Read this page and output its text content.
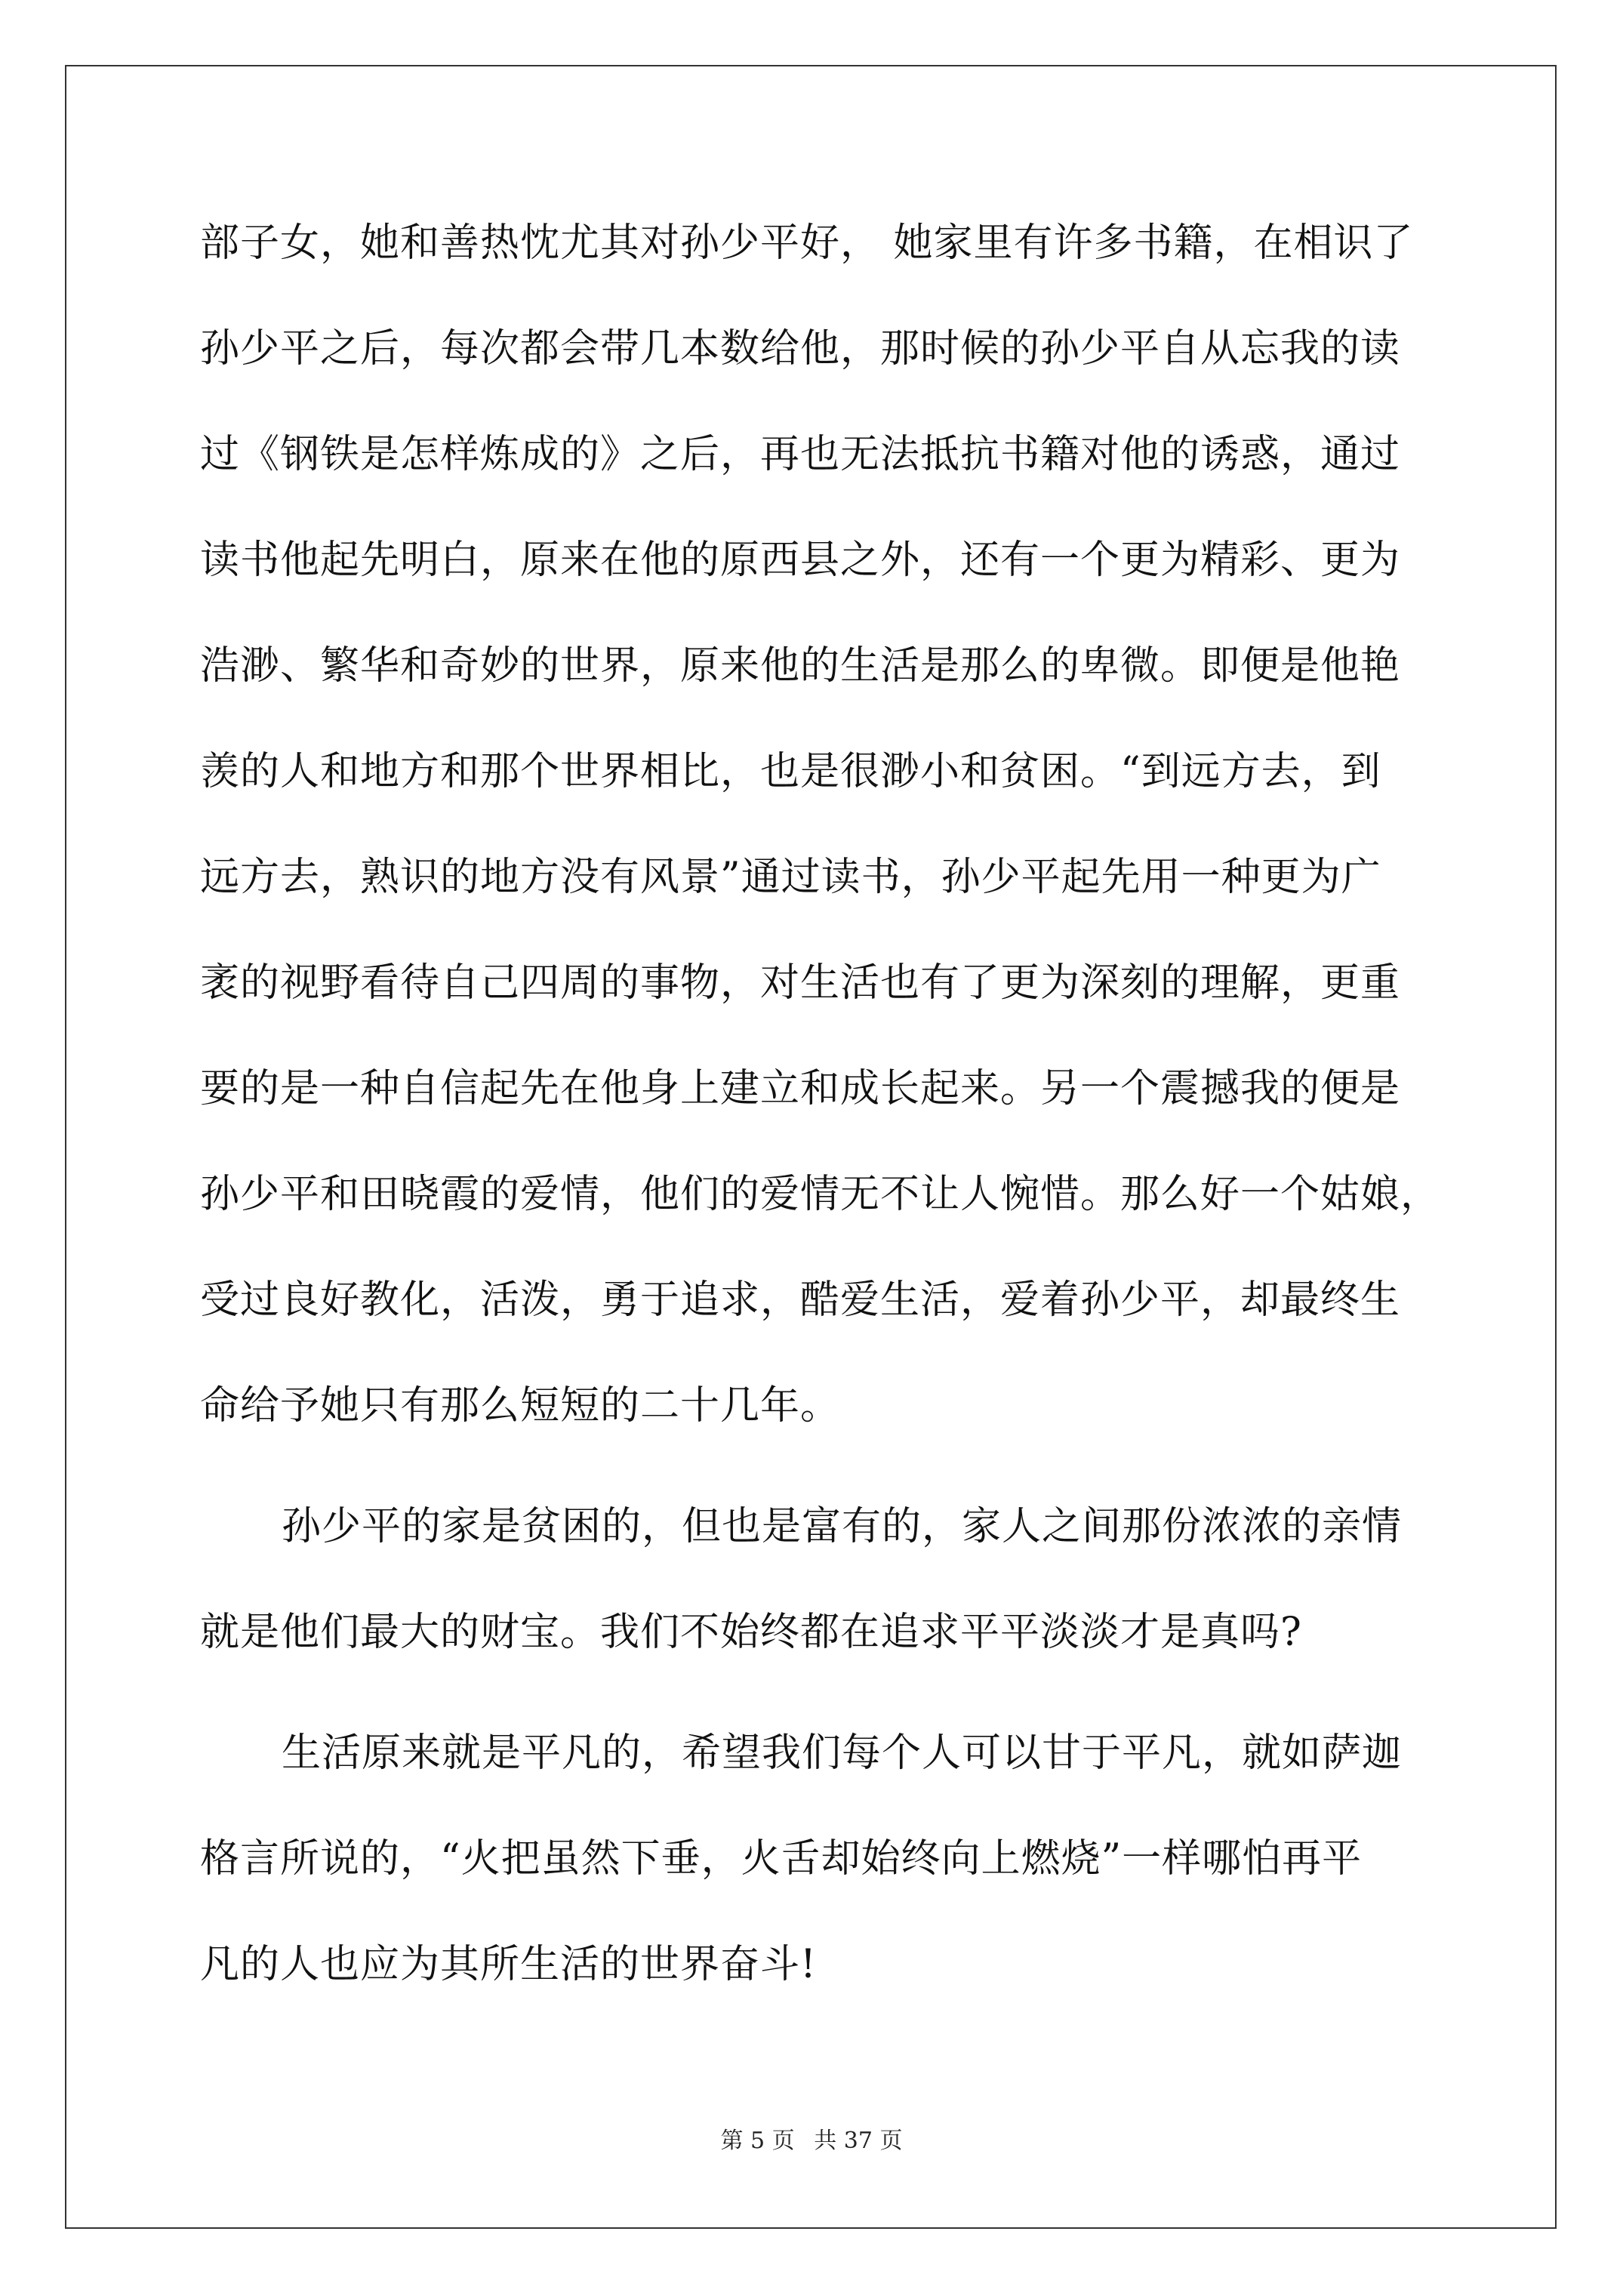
部子女，她和善热忱尤其对孙少平好， 她家里有许多书籍，在相识了
孙少平之后，每次都会带几本数给他，那时候的孙少平自从忘我的读
过《钢铁是怎样炼成的》之后，再也无法抵抗书籍对他的诱惑，通过
读书他起先明白，原来在他的原西县之外，还有一个更为精彩、更为
浩渺、繁华和奇妙的世界，原来他的生活是那么的卑微。即便是他艳
羡的人和地方和那个世界相比，也是很渺小和贫困。“到远方去，到
远方去，熟识的地方没有风景”通过读书，孙少平起先用一种更为广
袤的视野看待自己四周的事物，对生活也有了更为深刻的理解，更重
要的是一种自信起先在他身上建立和成长起来。另一个震撼我的便是
孙少平和田晓霞的爱情，他们的爱情无不让人惋惜。那么好一个姑娘，
受过良好教化，活泼，勇于追求，酷爱生活，爱着孙少平，却最终生
命给予她只有那么短短的二十几年。
孙少平的家是贫困的，但也是富有的，家人之间那份浓浓的亲情
就是他们最大的财宝。我们不始终都在追求平平淡淡才是真吗?
生活原来就是平凡的，希望我们每个人可以甘于平凡，就如萨迦
格言所说的，“火把虽然下垂，火舌却始终向上燃烧”一样哪怕再平
凡的人也应为其所生活的世界奋斗!
第 5 页 共 37 页
